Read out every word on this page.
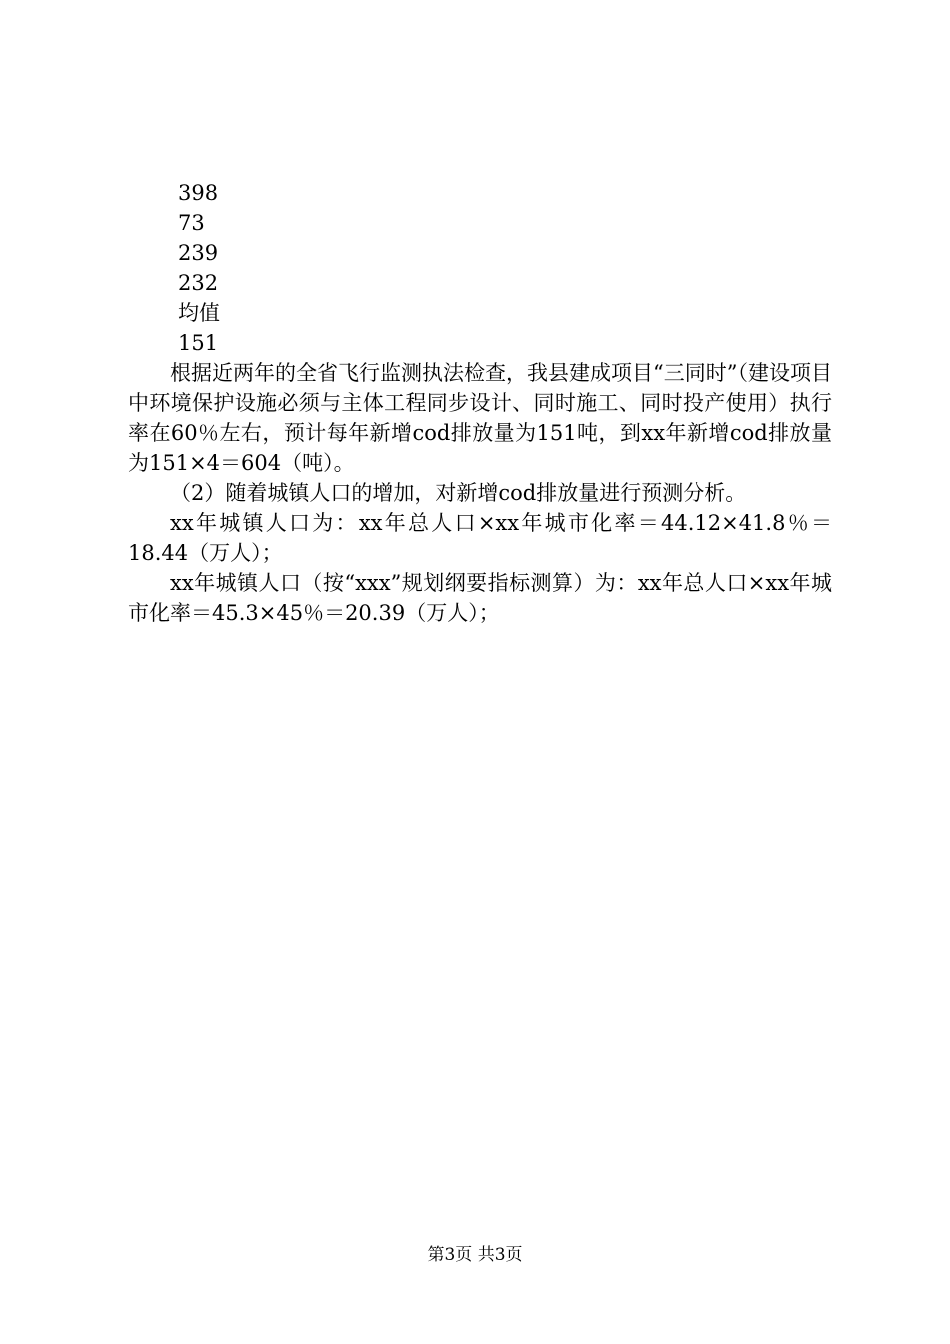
398
73
239
232
均值
151

根据近两年的全省飞行监测执法检查，我县建成项目“三同时”（建设项目中环境保护设施必须与主体工程同步设计、同时施工、同时投产使用）执行率在60％左右，预计每年新增cod排放量为151吨，到xx年新增cod排放量为151×4＝604（吨）。

（2）随着城镇人口的增加，对新增cod排放量进行预测分析。

xx年城镇人口为：xx年总人口×xx年城市化率＝44.12×41.8％＝18.44（万人）；

xx年城镇人口（按“xxx”规划纲要指标测算）为：xx年总人口×xx年城市化率＝45.3×45％＝20.39（万人）；

第3页 共3页
